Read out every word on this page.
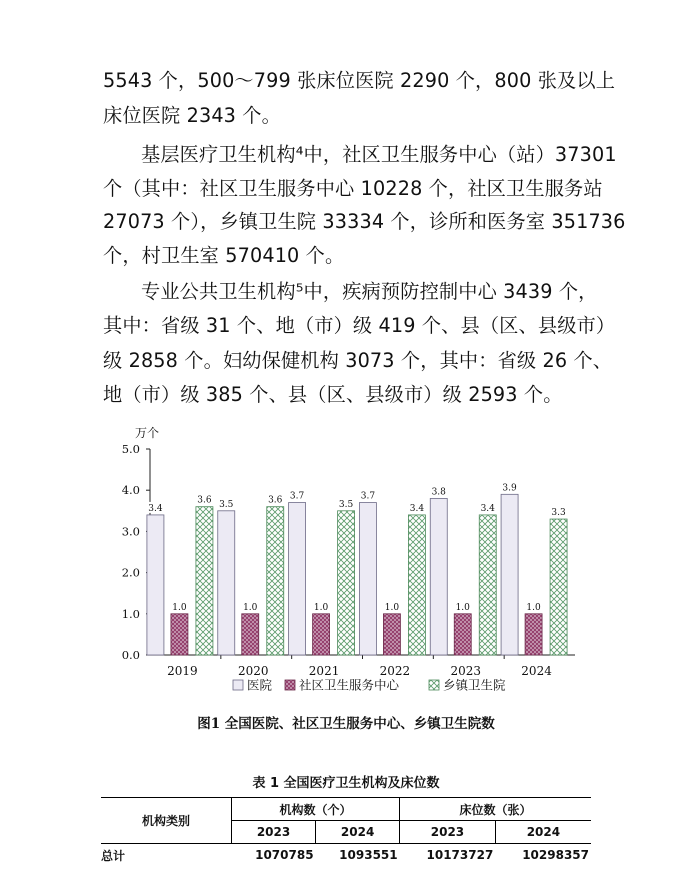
5543 个，500～799 张床位医院 2290 个，800 张及以上
床位医院 2343 个。
基层医疗卫生机构⁴中，社区卫生服务中心（站）37301
个（其中：社区卫生服务中心 10228 个，社区卫生服务站
27073 个），乡镇卫生院 33334 个，诊所和医务室 351736
个，村卫生室 570410 个。
专业公共卫生机构⁵中，疾病预防控制中心 3439 个，
其中：省级 31 个、地（市）级 419 个、县（区、县级市）
级 2858 个。妇幼保健机构 3073 个，其中：省级 26 个、
地（市）级 385 个、县（区、县级市）级 2593 个。
万个
0.0
1.0
2.0
3.0
4.0
5.0
2019
3.4
1.0
3.6
2020
3.5
1.0
3.6
2021
3.7
1.0
3.5
2022
3.7
1.0
3.4
2023
3.8
1.0
3.4
2024
3.9
1.0
3.3
医院 社区卫生服务中心	乡镇卫生院
图1 全国医院、社区卫生服务中心、乡镇卫生院数
表 1 全国医疗卫生机构及床位数
机构类别	机构数（个）		床位数（张）	
	2023	2024	2023	2024
总计	1070785	1093551	10173727	10298357
